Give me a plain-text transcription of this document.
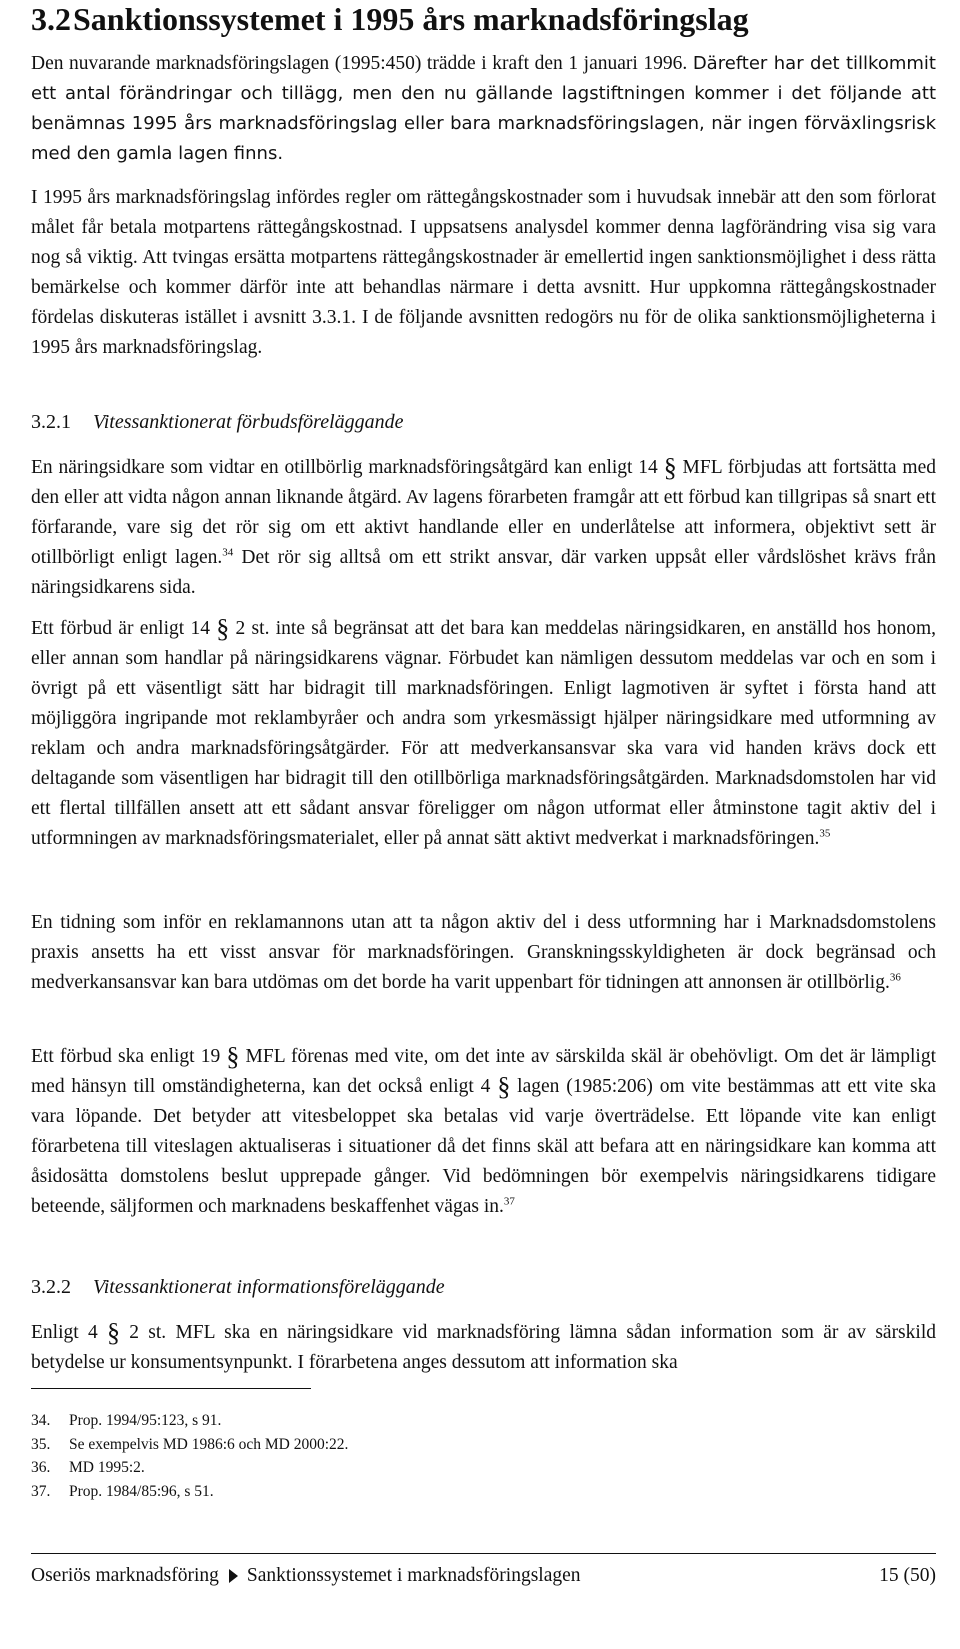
3.2Sanktionssystemet i 1995 års marknadsföringslag

Den nuvarande marknadsföringslagen (1995:450) trädde i kraft den 1 januari 1996. Därefter har det tillkommit ett antal förändringar och tillägg, men den nu gällande lagstiftningen kommer i det följande att benämnas 1995 års marknadsföringslag eller bara marknadsföringslagen, när ingen förväxlingsrisk med den gamla lagen finns.

I 1995 års marknadsföringslag infördes regler om rättegångskostnader som i huvudsak innebär att den som förlorat målet får betala motpartens rättegångskostnad. I uppsatsens analysdel kommer denna lagförändring visa sig vara nog så viktig. Att tvingas ersätta motpartens rättegångskostnader är emellertid ingen sanktionsmöjlighet i dess rätta bemärkelse och kommer därför inte att behandlas närmare i detta avsnitt. Hur uppkomna rättegångskostnader fördelas diskuteras istället i avsnitt 3.3.1. I de följande avsnitten redogörs nu för de olika sanktionsmöjligheterna i 1995 års marknadsföringslag.

3.2.1 Vitessanktionerat förbudsföreläggande

En näringsidkare som vidtar en otillbörlig marknadsföringsåtgärd kan enligt 14 § MFL förbjudas att fortsätta med den eller att vidta någon annan liknande åtgärd. Av lagens förarbeten framgår att ett förbud kan tillgripas så snart ett förfarande, vare sig det rör sig om ett aktivt handlande eller en underlåtelse att informera, objektivt sett är otillbörligt enligt lagen.$^{34}$ Det rör sig alltså om ett strikt ansvar, där varken uppsåt eller vårdslöshet krävs från näringsidkarens sida.

Ett förbud är enligt 14 § 2 st. inte så begränsat att det bara kan meddelas näringsidkaren, en anställd hos honom, eller annan som handlar på näringsidkarens vägnar. Förbudet kan nämligen dessutom meddelas var och en som i övrigt på ett väsentligt sätt har bidragit till marknadsföringen. Enligt lagmotiven är syftet i första hand att möjliggöra ingripande mot reklambyråer och andra som yrkesmässigt hjälper näringsidkare med utformning av reklam och andra marknadsföringsåtgärder. För att medverkansansvar ska vara vid handen krävs dock ett deltagande som väsentligen har bidragit till den otillbörliga marknadsföringsåtgärden. Marknadsdomstolen har vid ett flertal tillfällen ansett att ett sådant ansvar föreligger om någon utformat eller åtminstone tagit aktiv del i utformningen av marknadsföringsmaterialet, eller på annat sätt aktivt medverkat i marknadsföringen.$^{35}$

En tidning som inför en reklamannons utan att ta någon aktiv del i dess utformning har i Marknadsdomstolens praxis ansetts ha ett visst ansvar för marknadsföringen. Granskningsskyldigheten är dock begränsad och medverkansansvar kan bara utdömas om det borde ha varit uppenbart för tidningen att annonsen är otillbörlig.$^{36}$

Ett förbud ska enligt 19 § MFL förenas med vite, om det inte av särskilda skäl är obehövligt. Om det är lämpligt med hänsyn till omständigheterna, kan det också enligt 4 § lagen (1985:206) om vite bestämmas att ett vite ska vara löpande. Det betyder att vitesbeloppet ska betalas vid varje överträdelse. Ett löpande vite kan enligt förarbetena till viteslagen aktualiseras i situationer då det finns skäl att befara att en näringsidkare kan komma att åsidosätta domstolens beslut upprepade gånger. Vid bedömningen bör exempelvis näringsidkarens tidigare beteende, säljformen och marknadens beskaffenhet vägas in.$^{37}$

3.2.2 Vitessanktionerat informationsföreläggande

Enligt 4 § 2 st. MFL ska en näringsidkare vid marknadsföring lämna sådan information som är av särskild betydelse ur konsumentsynpunkt. I förarbetena anges dessutom att information ska

34. Prop. 1994/95:123, s 91.
35. Se exempelvis MD 1986:6 och MD 2000:22.
36. MD 1995:2.
37. Prop. 1984/85:96, s 51.
Oseriös marknadsföring Sanktionssystemet i marknadsföringslagen	15 (50)
